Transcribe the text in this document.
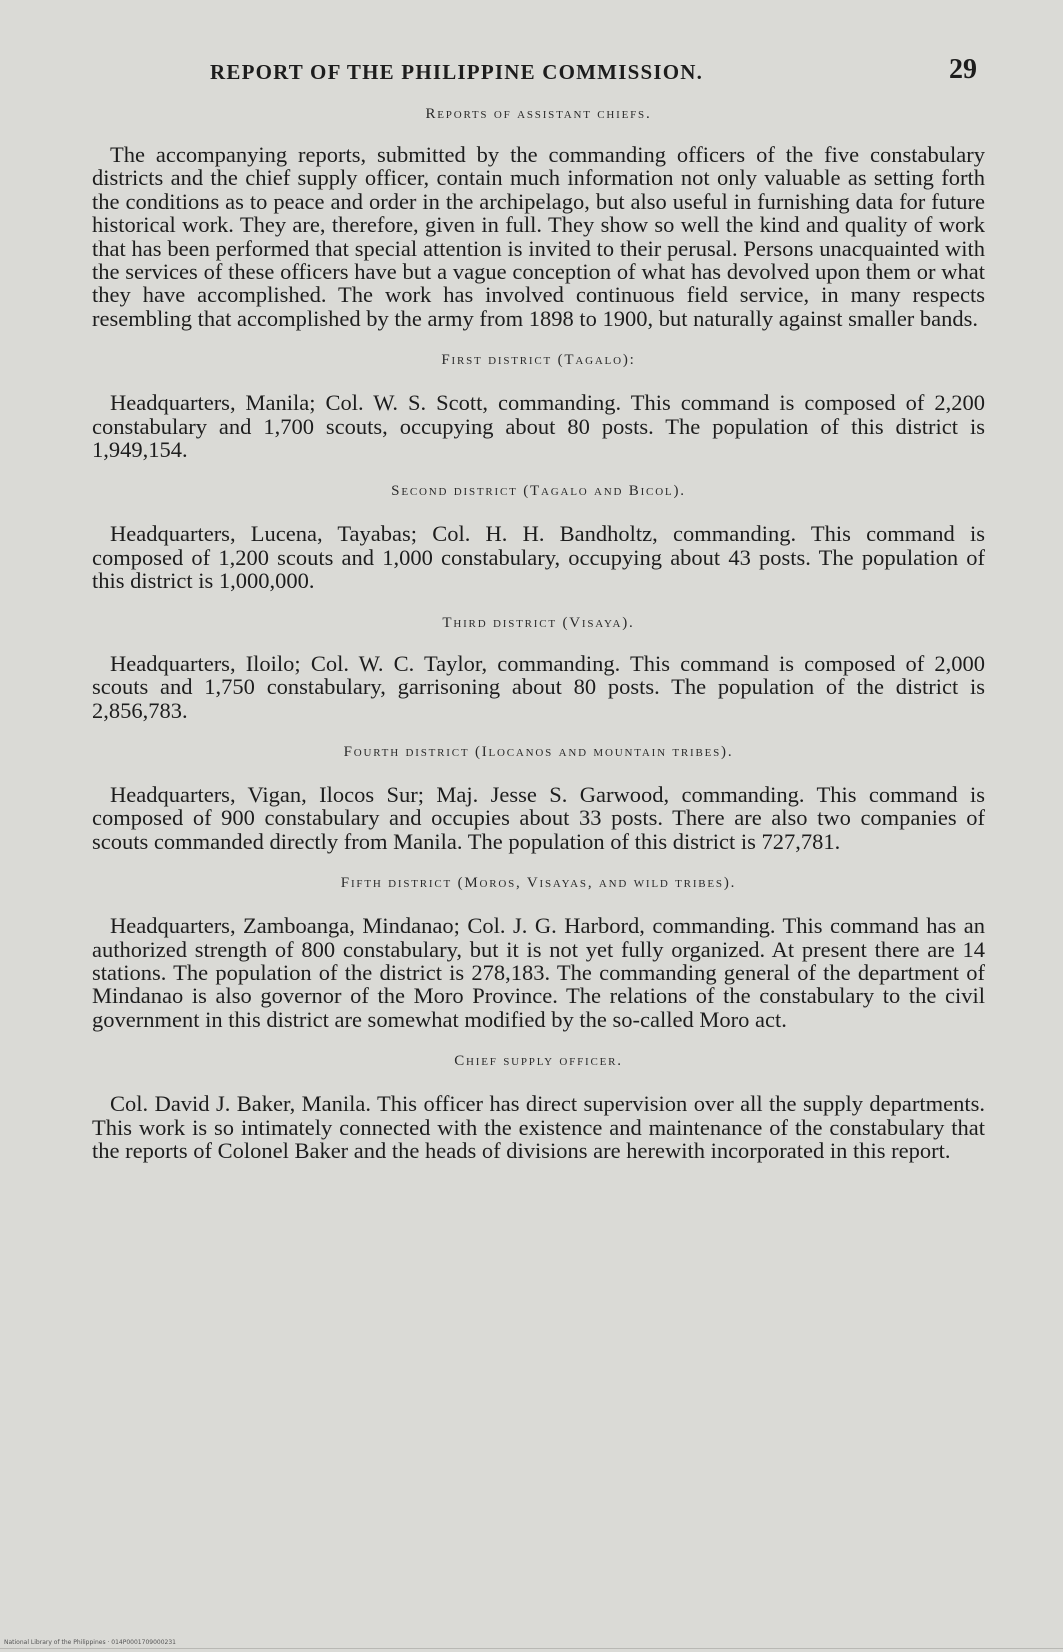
REPORT OF THE PHILIPPINE COMMISSION.	29
Reports of assistant chiefs.

The accompanying reports, submitted by the commanding officers of the five constabulary districts and the chief supply officer, contain much information not only valuable as setting forth the conditions as to peace and order in the archipelago, but also useful in furnishing data for future historical work. They are, therefore, given in full. They show so well the kind and quality of work that has been performed that special attention is invited to their perusal. Persons unacquainted with the services of these officers have but a vague conception of what has devolved upon them or what they have accomplished. The work has involved continuous field service, in many respects resembling that accomplished by the army from 1898 to 1900, but naturally against smaller bands.

First district (Tagalo):

Headquarters, Manila; Col. W. S. Scott, commanding. This command is composed of 2,200 constabulary and 1,700 scouts, occupying about 80 posts. The population of this district is 1,949,154.

Second district (Tagalo and Bicol).

Headquarters, Lucena, Tayabas; Col. H. H. Bandholtz, commanding. This command is composed of 1,200 scouts and 1,000 constabulary, occupying about 43 posts. The population of this district is 1,000,000.

Third district (Visaya).

Headquarters, Iloilo; Col. W. C. Taylor, commanding. This command is composed of 2,000 scouts and 1,750 constabulary, garrisoning about 80 posts. The population of the district is 2,856,783.

Fourth district (Ilocanos and mountain tribes).

Headquarters, Vigan, Ilocos Sur; Maj. Jesse S. Garwood, commanding. This command is composed of 900 constabulary and occupies about 33 posts. There are also two companies of scouts commanded directly from Manila. The population of this district is 727,781.

Fifth district (Moros, Visayas, and wild tribes).

Headquarters, Zamboanga, Mindanao; Col. J. G. Harbord, commanding. This command has an authorized strength of 800 constabulary, but it is not yet fully organized. At present there are 14 stations. The population of the district is 278,183. The commanding general of the department of Mindanao is also governor of the Moro Province. The relations of the constabulary to the civil government in this district are somewhat modified by the so-called Moro act.

Chief supply officer.

Col. David J. Baker, Manila. This officer has direct supervision over all the supply departments. This work is so intimately connected with the existence and maintenance of the constabulary that the reports of Colonel Baker and the heads of divisions are herewith incorporated in this report.

National Library of the Philippines · 014P0001709000231
